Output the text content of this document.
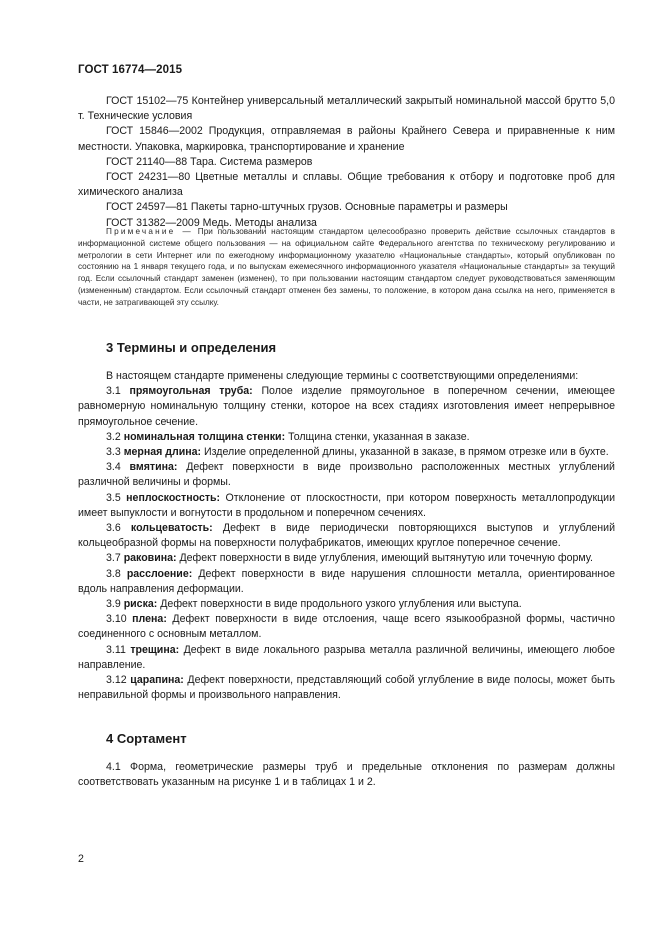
ГОСТ 16774—2015

ГОСТ 15102—75 Контейнер универсальный металлический закрытый номинальной массой брутто 5,0 т. Технические условия

ГОСТ 15846—2002 Продукция, отправляемая в районы Крайнего Севера и приравненные к ним местности. Упаковка, маркировка, транспортирование и хранение

ГОСТ 21140—88 Тара. Система размеров

ГОСТ 24231—80 Цветные металлы и сплавы. Общие требования к отбору и подготовке проб для химического анализа

ГОСТ 24597—81 Пакеты тарно-штучных грузов. Основные параметры и размеры

ГОСТ 31382—2009 Медь. Методы анализа

Примечание — При пользовании настоящим стандартом целесообразно проверить действие ссылочных стандартов в информационной системе общего пользования — на официальном сайте Федерального агентства по техническому регулированию и метрологии в сети Интернет или по ежегодному информационному указателю «Национальные стандарты», который опубликован по состоянию на 1 января текущего года, и по выпускам ежемесячного информационного указателя «Национальные стандарты» за текущий год. Если ссылочный стандарт заменен (изменен), то при пользовании настоящим стандартом следует руководствоваться заменяющим (измененным) стандартом. Если ссылочный стандарт отменен без замены, то положение, в котором дана ссылка на него, применяется в части, не затрагивающей эту ссылку.

3 Термины и определения

В настоящем стандарте применены следующие термины с соответствующими определениями:

3.1 прямоугольная труба: Полое изделие прямоугольное в поперечном сечении, имеющее равномерную номинальную толщину стенки, которое на всех стадиях изготовления имеет непрерывное прямоугольное сечение.

3.2 номинальная толщина стенки: Толщина стенки, указанная в заказе.

3.3 мерная длина: Изделие определенной длины, указанной в заказе, в прямом отрезке или в бухте.

3.4 вмятина: Дефект поверхности в виде произвольно расположенных местных углублений различной величины и формы.

3.5 неплоскостность: Отклонение от плоскостности, при котором поверхность металлопродукции имеет выпуклости и вогнутости в продольном и поперечном сечениях.

3.6 кольцеватость: Дефект в виде периодически повторяющихся выступов и углублений кольцеобразной формы на поверхности полуфабрикатов, имеющих круглое поперечное сечение.

3.7 раковина: Дефект поверхности в виде углубления, имеющий вытянутую или точечную форму.

3.8 расслоение: Дефект поверхности в виде нарушения сплошности металла, ориентированное вдоль направления деформации.

3.9 риска: Дефект поверхности в виде продольного узкого углубления или выступа.

3.10 плена: Дефект поверхности в виде отслоения, чаще всего языкообразной формы, частично соединенного с основным металлом.

3.11 трещина: Дефект в виде локального разрыва металла различной величины, имеющего любое направление.

3.12 царапина: Дефект поверхности, представляющий собой углубление в виде полосы, может быть неправильной формы и произвольного направления.

4 Сортамент

4.1 Форма, геометрические размеры труб и предельные отклонения по размерам должны соответствовать указанным на рисунке 1 и в таблицах 1 и 2.

2
